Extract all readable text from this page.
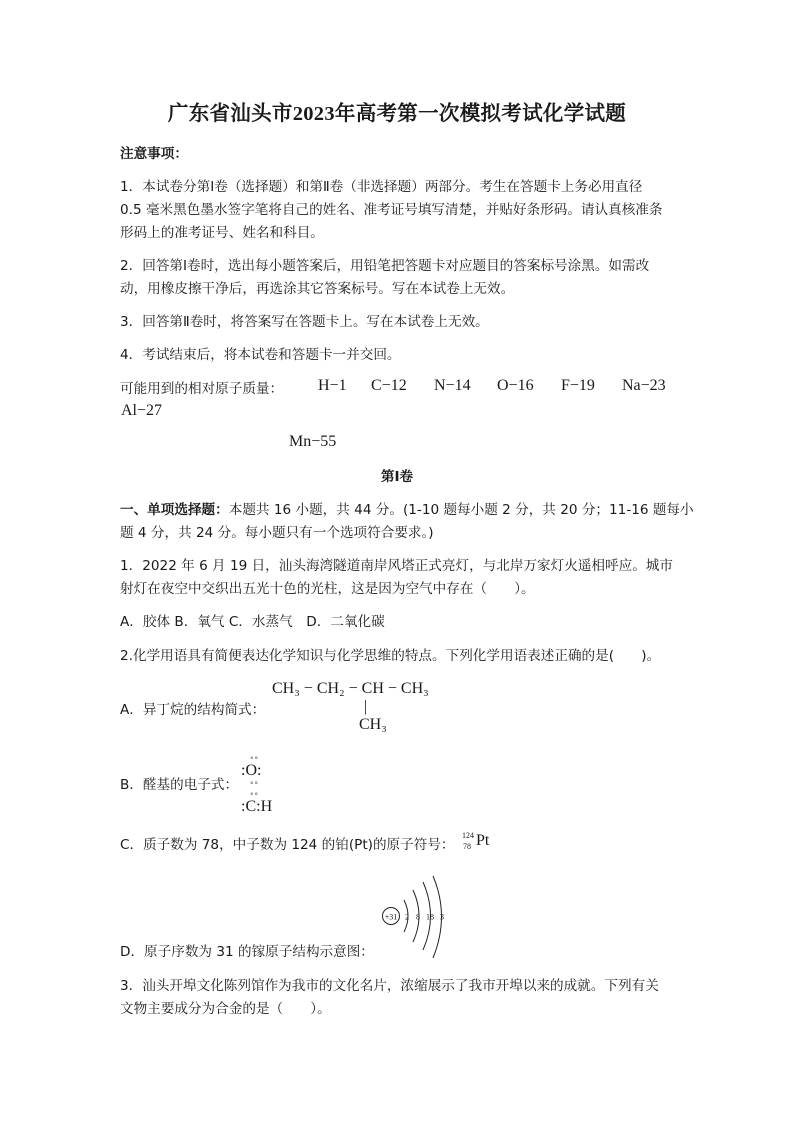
广东省汕头市2023年高考第一次模拟考试化学试题
注意事项：
1．本试卷分第Ⅰ卷（选择题）和第Ⅱ卷（非选择题）两部分。考生在答题卡上务必用直径
0.5 毫米黑色墨水签字笔将自己的姓名、准考证号填写清楚，并贴好条形码。请认真核准条
形码上的准考证号、姓名和科目。
2．回答第Ⅰ卷时，选出每小题答案后，用铅笔把答题卡对应题目的答案标号涂黑。如需改
动，用橡皮擦干净后，再选涂其它答案标号。写在本试卷上无效。
3．回答第Ⅱ卷时，将答案写在答题卡上。写在本试卷上无效。
4．考试结束后，将本试卷和答题卡一并交回。
可能用到的相对原子质量： H−1 C−12 N−14 O−16 F−19 Na−23
Al−27
Mn−55
第Ⅰ卷
一、单项选择题：本题共 16 小题，共 44 分。(1-10 题每小题 2 分，共 20 分；11-16 题每小
题 4 分，共 24 分。每小题只有一个选项符合要求。)
1．2022 年 6 月 19 日，汕头海湾隧道南岸风塔正式亮灯，与北岸万家灯火遥相呼应。城市
射灯在夜空中交织出五光十色的光柱，这是因为空气中存在（　　）。
A．胶体 B．氧气 C．水蒸气　D．二氧化碳
2.化学用语具有简便表达化学知识与化学思维的特点。下列化学用语表述正确的是(　　)。
A．异丁烷的结构简式：
CH₃ − CH₂ − CH − CH₃
|
CH₃
B．醛基的电子式：
°°
:O:
°°
°°
:C:H
C．质子数为 78，中子数为 124 的铂(Pt)的原子符号：
124
78 Pt
+31 2 8 18 3
D．原子序数为 31 的镓原子结构示意图：
3．汕头开埠文化陈列馆作为我市的文化名片，浓缩展示了我市开埠以来的成就。下列有关
文物主要成分为合金的是（　　）。
